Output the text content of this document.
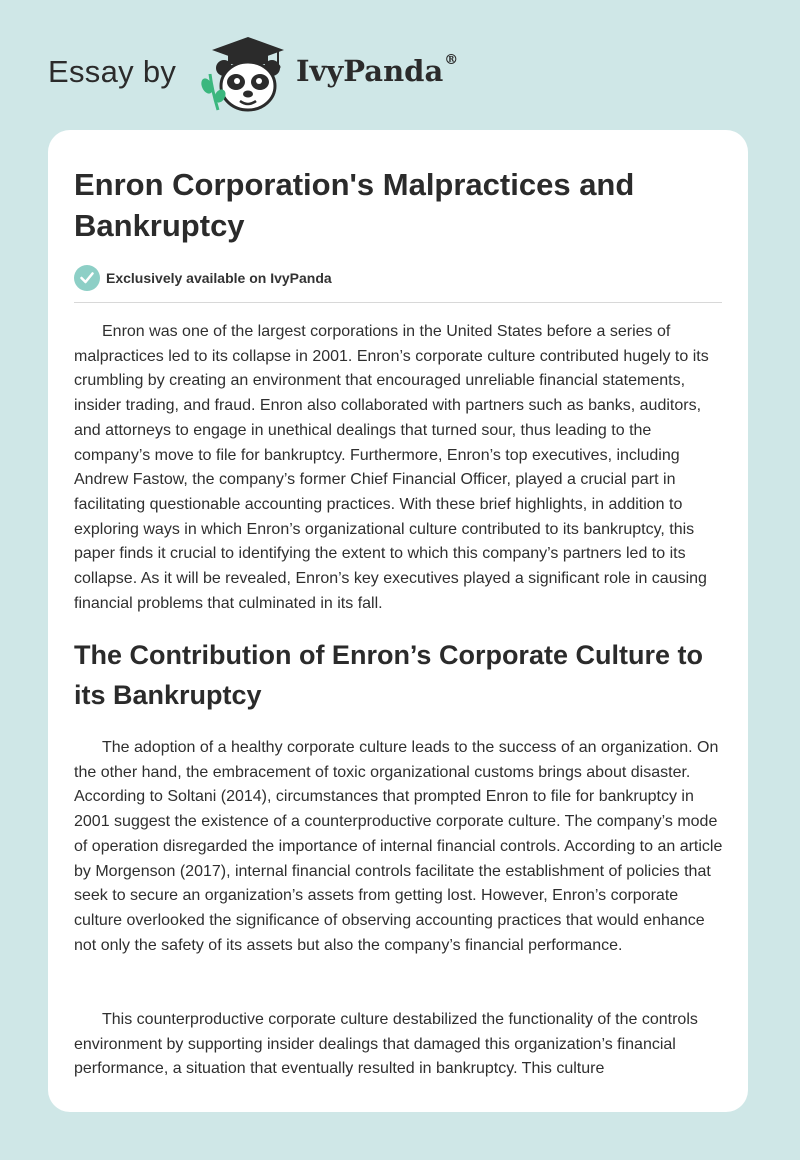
Essay by	IvyPanda®
Enron Corporation's Malpractices and Bankruptcy
Exclusively available on IvyPanda

Enron was one of the largest corporations in the United States before a series of malpractices led to its collapse in 2001. Enron’s corporate culture contributed hugely to its crumbling by creating an environment that encouraged unreliable financial statements, insider trading, and fraud. Enron also collaborated with partners such as banks, auditors, and attorneys to engage in unethical dealings that turned sour, thus leading to the company’s move to file for bankruptcy. Furthermore, Enron’s top executives, including Andrew Fastow, the company’s former Chief Financial Officer, played a crucial part in facilitating questionable accounting practices. With these brief highlights, in addition to exploring ways in which Enron’s organizational culture contributed to its bankruptcy, this paper finds it crucial to identifying the extent to which this company’s partners led to its collapse. As it will be revealed, Enron’s key executives played a significant role in causing financial problems that culminated in its fall.

The Contribution of Enron’s Corporate Culture to its Bankruptcy

The adoption of a healthy corporate culture leads to the success of an organization. On the other hand, the embracement of toxic organizational customs brings about disaster. According to Soltani (2014), circumstances that prompted Enron to file for bankruptcy in 2001 suggest the existence of a counterproductive corporate culture. The company’s mode of operation disregarded the importance of internal financial controls. According to an article by Morgenson (2017), internal financial controls facilitate the establishment of policies that seek to secure an organization’s assets from getting lost. However, Enron’s corporate culture overlooked the significance of observing accounting practices that would enhance not only the safety of its assets but also the company’s financial performance.

This counterproductive corporate culture destabilized the functionality of the controls environment by supporting insider dealings that damaged this organization’s financial performance, a situation that eventually resulted in bankruptcy. This culture
